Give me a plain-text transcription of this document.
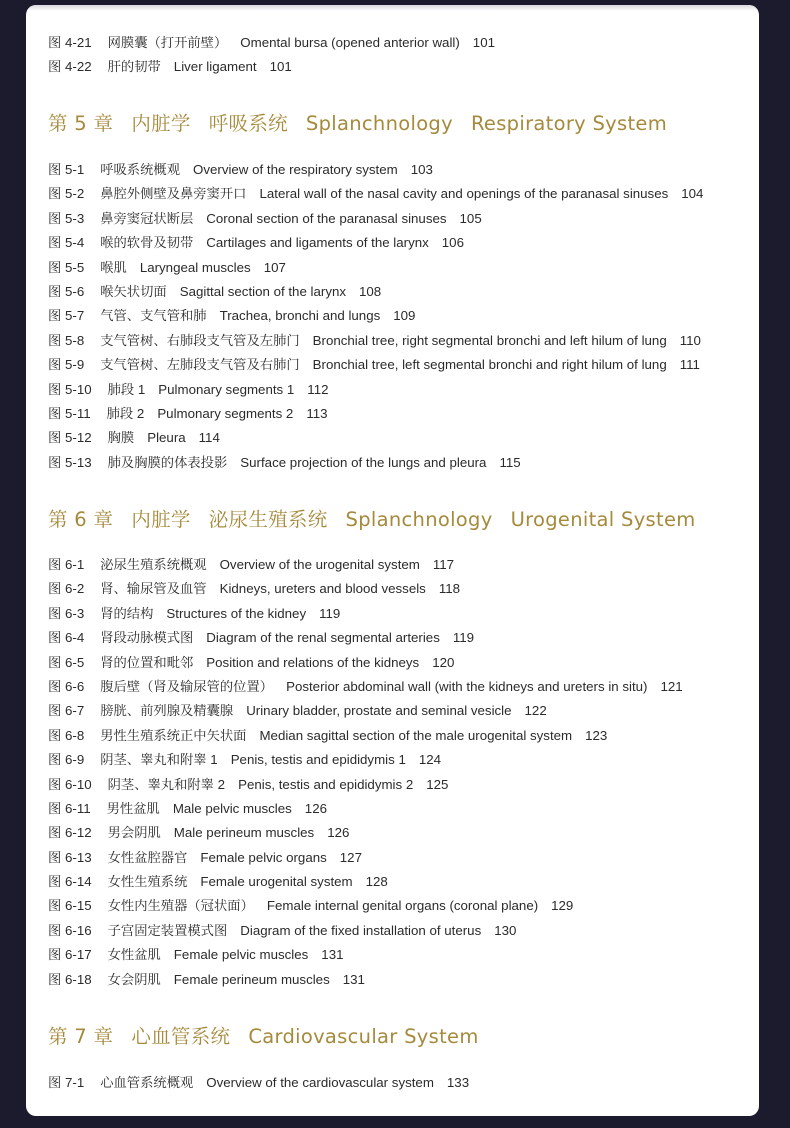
图 4-21 网膜囊（打开前壁） Omental bursa (opened anterior wall) 101
图 4-22 肝的韧带 Liver ligament 101
第 5 章 内脏学 呼吸系统 Splanchnology Respiratory System
图 5-1 呼吸系统概观 Overview of the respiratory system 103
图 5-2 鼻腔外侧壁及鼻旁窦开口 Lateral wall of the nasal cavity and openings of the paranasal sinuses 104
图 5-3 鼻旁窦冠状断层 Coronal section of the paranasal sinuses 105
图 5-4 喉的软骨及韧带 Cartilages and ligaments of the larynx 106
图 5-5 喉肌 Laryngeal muscles 107
图 5-6 喉矢状切面 Sagittal section of the larynx 108
图 5-7 气管、支气管和肺 Trachea, bronchi and lungs 109
图 5-8 支气管树、右肺段支气管及左肺门 Bronchial tree, right segmental bronchi and left hilum of lung 110
图 5-9 支气管树、左肺段支气管及右肺门 Bronchial tree, left segmental bronchi and right hilum of lung 111
图 5-10 肺段 1 Pulmonary segments 1 112
图 5-11 肺段 2 Pulmonary segments 2 113
图 5-12 胸膜 Pleura 114
图 5-13 肺及胸膜的体表投影 Surface projection of the lungs and pleura 115
第 6 章 内脏学 泌尿生殖系统 Splanchnology Urogenital System
图 6-1 泌尿生殖系统概观 Overview of the urogenital system 117
图 6-2 肾、输尿管及血管 Kidneys, ureters and blood vessels 118
图 6-3 肾的结构 Structures of the kidney 119
图 6-4 肾段动脉模式图 Diagram of the renal segmental arteries 119
图 6-5 肾的位置和毗邻 Position and relations of the kidneys 120
图 6-6 腹后壁（肾及输尿管的位置） Posterior abdominal wall (with the kidneys and ureters in situ) 121
图 6-7 膀胱、前列腺及精囊腺 Urinary bladder, prostate and seminal vesicle 122
图 6-8 男性生殖系统正中矢状面 Median sagittal section of the male urogenital system 123
图 6-9 阴茎、睾丸和附睾 1 Penis, testis and epididymis 1 124
图 6-10 阴茎、睾丸和附睾 2 Penis, testis and epididymis 2 125
图 6-11 男性盆肌 Male pelvic muscles 126
图 6-12 男会阴肌 Male perineum muscles 126
图 6-13 女性盆腔器官 Female pelvic organs 127
图 6-14 女性生殖系统 Female urogenital system 128
图 6-15 女性内生殖器（冠状面） Female internal genital organs (coronal plane) 129
图 6-16 子宫固定装置模式图 Diagram of the fixed installation of uterus 130
图 6-17 女性盆肌 Female pelvic muscles 131
图 6-18 女会阴肌 Female perineum muscles 131
第 7 章 心血管系统 Cardiovascular System
图 7-1 心血管系统概观 Overview of the cardiovascular system 133
